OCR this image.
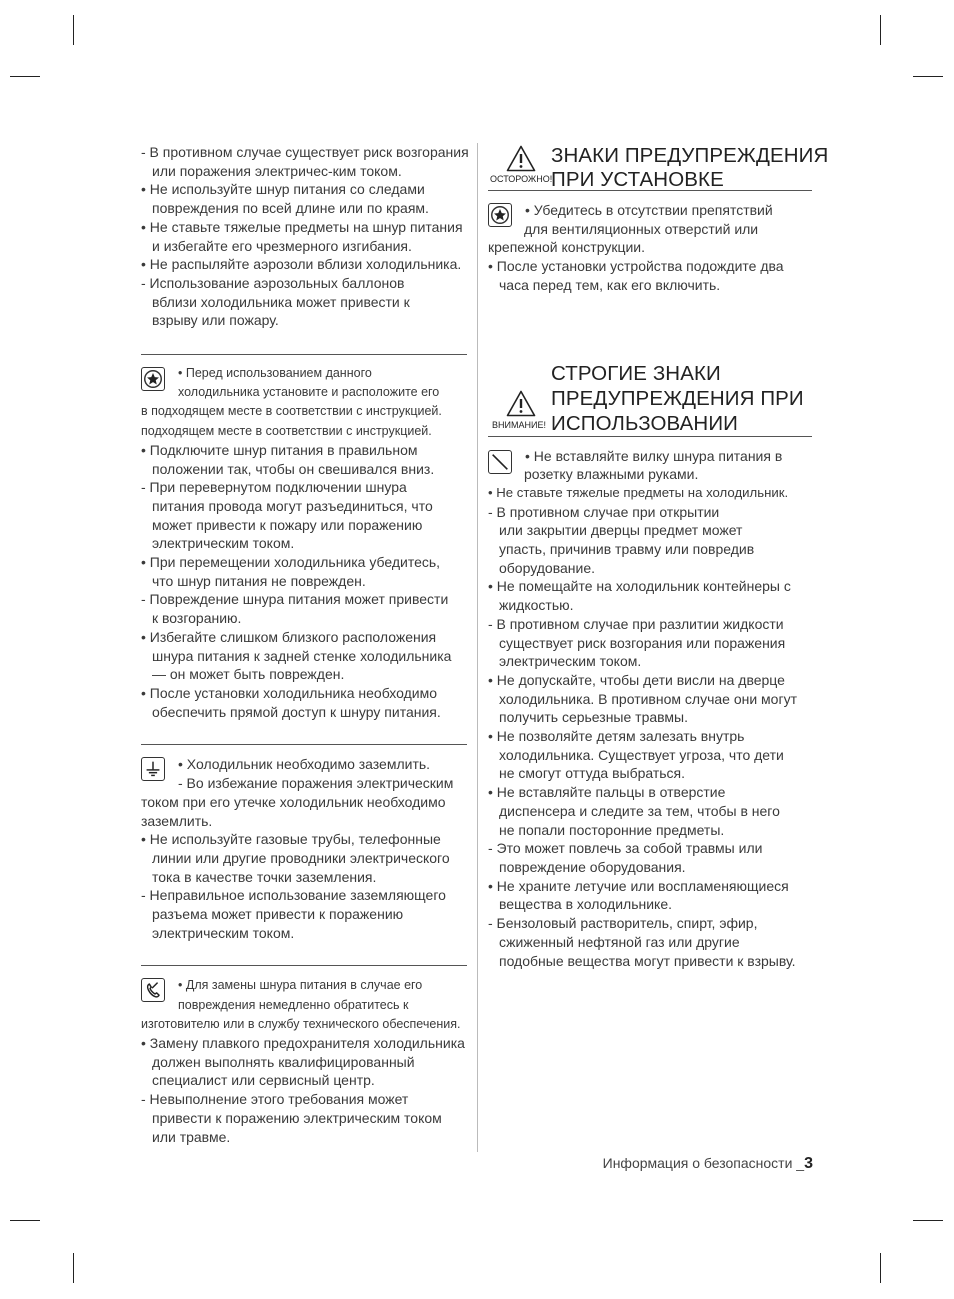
- В противном случае существует риск возгорания
или поражения электричес-ким током.
• Не используйте шнур питания со следами
повреждения по всей длине или по краям.
• Не ставьте тяжелые предметы на шнур питания
и избегайте его чрезмерного изгибания.
• Не распыляйте аэрозоли вблизи холодильника.
- Использование аэрозольных баллонов
вблизи холодильника может привести к
взрыву или пожару.
• Перед использованием данного
холодильника установите и расположите его
в подходящем месте в соответствии с инструкцией.
подходящем месте в соответствии с инструкцией.
• Подключите шнур питания в правильном
положении так, чтобы он свешивался вниз.
- При перевернутом подключении шнура
питания провода могут разъединиться, что
может привести к пожару или поражению
электрическим током.
• При перемещении холодильника убедитесь,
что шнур питания не поврежден.
- Повреждение шнура питания может привести
к возгоранию.
• Избегайте слишком близкого расположения
шнура питания к задней стенке холодильника
— он может быть поврежден.
• После установки холодильника необходимо
обеспечить прямой доступ к шнуру питания.
• Холодильник необходимо заземлить.
- Во избежание поражения электрическим
током при его утечке холодильник необходимо
заземлить.
• Не используйте газовые трубы, телефонные
линии или другие проводники электрического
тока в качестве точки заземления.
- Неправильное использование заземляющего
разъема может привести к поражению
электрическим током.
• Для замены шнура питания в случае его
повреждения немедленно обратитесь к
изготовителю или в службу технического обеспечения.
• Замену плавкого предохранителя холодильника
должен выполнять квалифицированный
специалист или сервисный центр.
- Невыполнение этого требования может
привести к поражению электрическим током
или травме.
ОСТОРОЖНО!
ЗНАКИ ПРЕДУПРЕЖДЕНИЯ
ПРИ УСТАНОВКЕ
• Убедитесь в отсутствии препятствий
для вентиляционных отверстий или
крепежной конструкции.
• После установки устройства подождите два
часа перед тем, как его включить.
СТРОГИЕ ЗНАКИ
ПРЕДУПРЕЖДЕНИЯ ПРИ
ИСПОЛЬЗОВАНИИ
ВНИМАНИЕ!
• Не вставляйте вилку шнура питания в
розетку влажными руками.
• Не ставьте тяжелые предметы на холодильник.
- В противном случае при открытии
или закрытии дверцы предмет может
упасть, причинив травму или повредив
оборудование.
• Не помещайте на холодильник контейнеры с
жидкостью.
- В противном случае при разлитии жидкости
существует риск возгорания или поражения
электрическим током.
• Не допускайте, чтобы дети висли на дверце
холодильника. В противном случае они могут
получить серьезные травмы.
• Не позволяйте детям залезать внутрь
холодильника. Существует угроза, что дети
не смогут оттуда выбраться.
• Не вставляйте пальцы в отверстие
диспенсера и следите за тем, чтобы в него
не попали посторонние предметы.
- Это может повлечь за собой травмы или
повреждение оборудования.
• Не храните летучие или воспламеняющиеся
вещества в холодильнике.
- Бензоловый растворитель, спирт, эфир,
сжиженный нефтяной газ или другие
подобные вещества могут привести к взрыву.
Информация о безопасности _3
